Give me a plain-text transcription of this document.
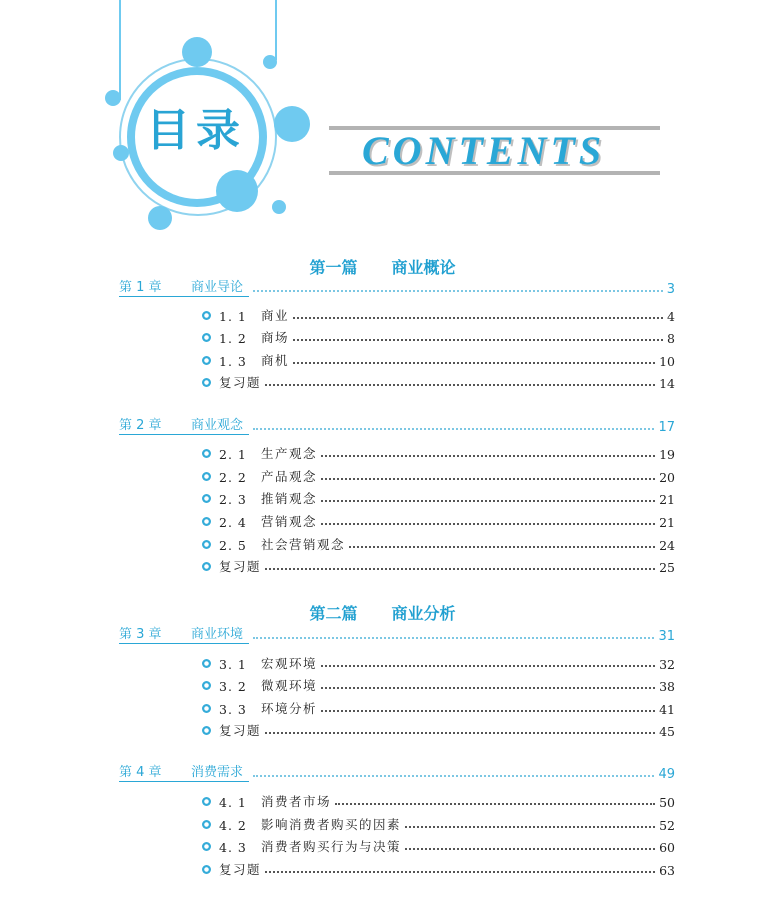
目录	CONTENTS
第一篇 商业概论
第二篇 商业分析
第 1 章	商业导论	3
1. 1	商业	4
1. 2	商场	8
1. 3	商机	10
复习题	14
第 2 章	商业观念	17
2. 1	生产观念	19
2. 2	产品观念	20
2. 3	推销观念	21
2. 4	营销观念	21
2. 5	社会营销观念	24
复习题	25
第 3 章	商业环境	31
3. 1	宏观环境	32
3. 2	微观环境	38
3. 3	环境分析	41
复习题	45
第 4 章	消费需求	49
4. 1	消费者市场	50
4. 2	影响消费者购买的因素	52
4. 3	消费者购买行为与决策	60
复习题	63
